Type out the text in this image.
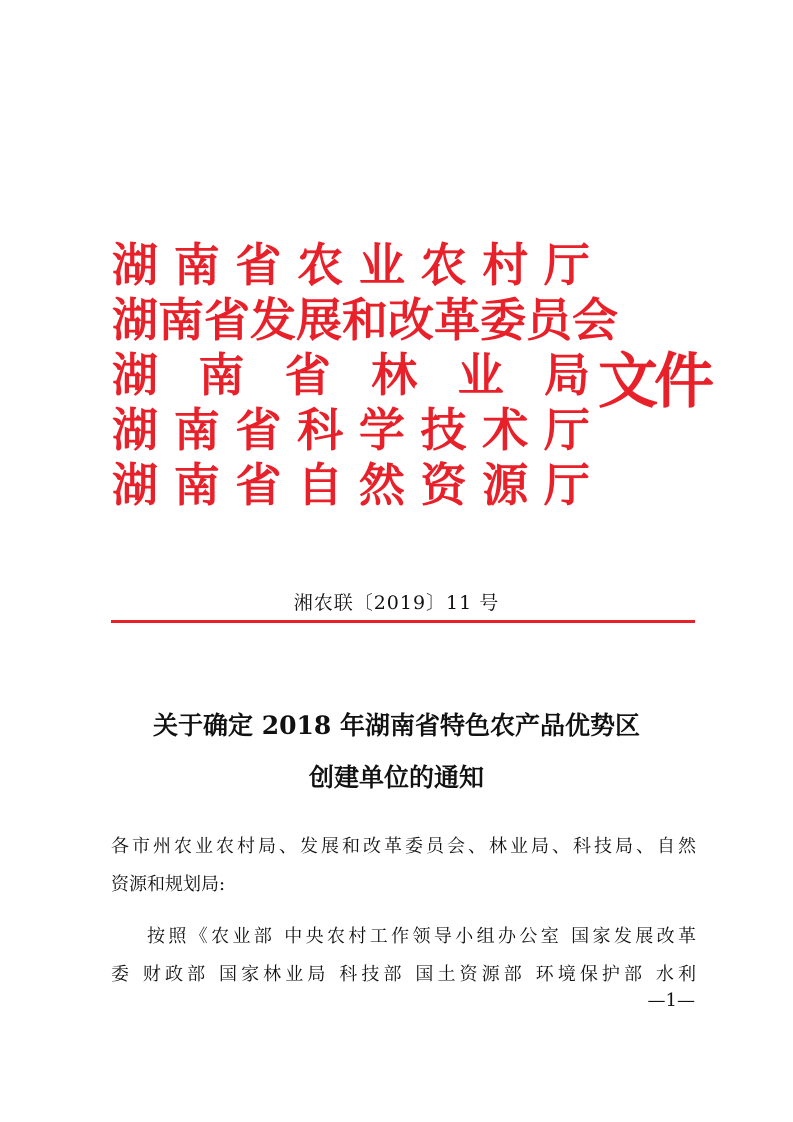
湖 南 省 农 业 农 村 厅
湖 南 省 发 展 和 改 革 委 员 会
湖 南 省 林 业 局
湖 南 省 科 学 技 术 厅
湖 南 省 自 然 资 源 厅
文件
湘农联〔2019〕11 号
关于确定 2018 年湖南省特色农产品优势区
创建单位的通知
各市州农业农村局、发展和改革委员会、林业局、科技局、自然
资源和规划局:
按照《农业部 中央农村工作领导小组办公室 国家发展改革
委 财政部 国家林业局 科技部 国土资源部 环境保护部 水利
—1—
